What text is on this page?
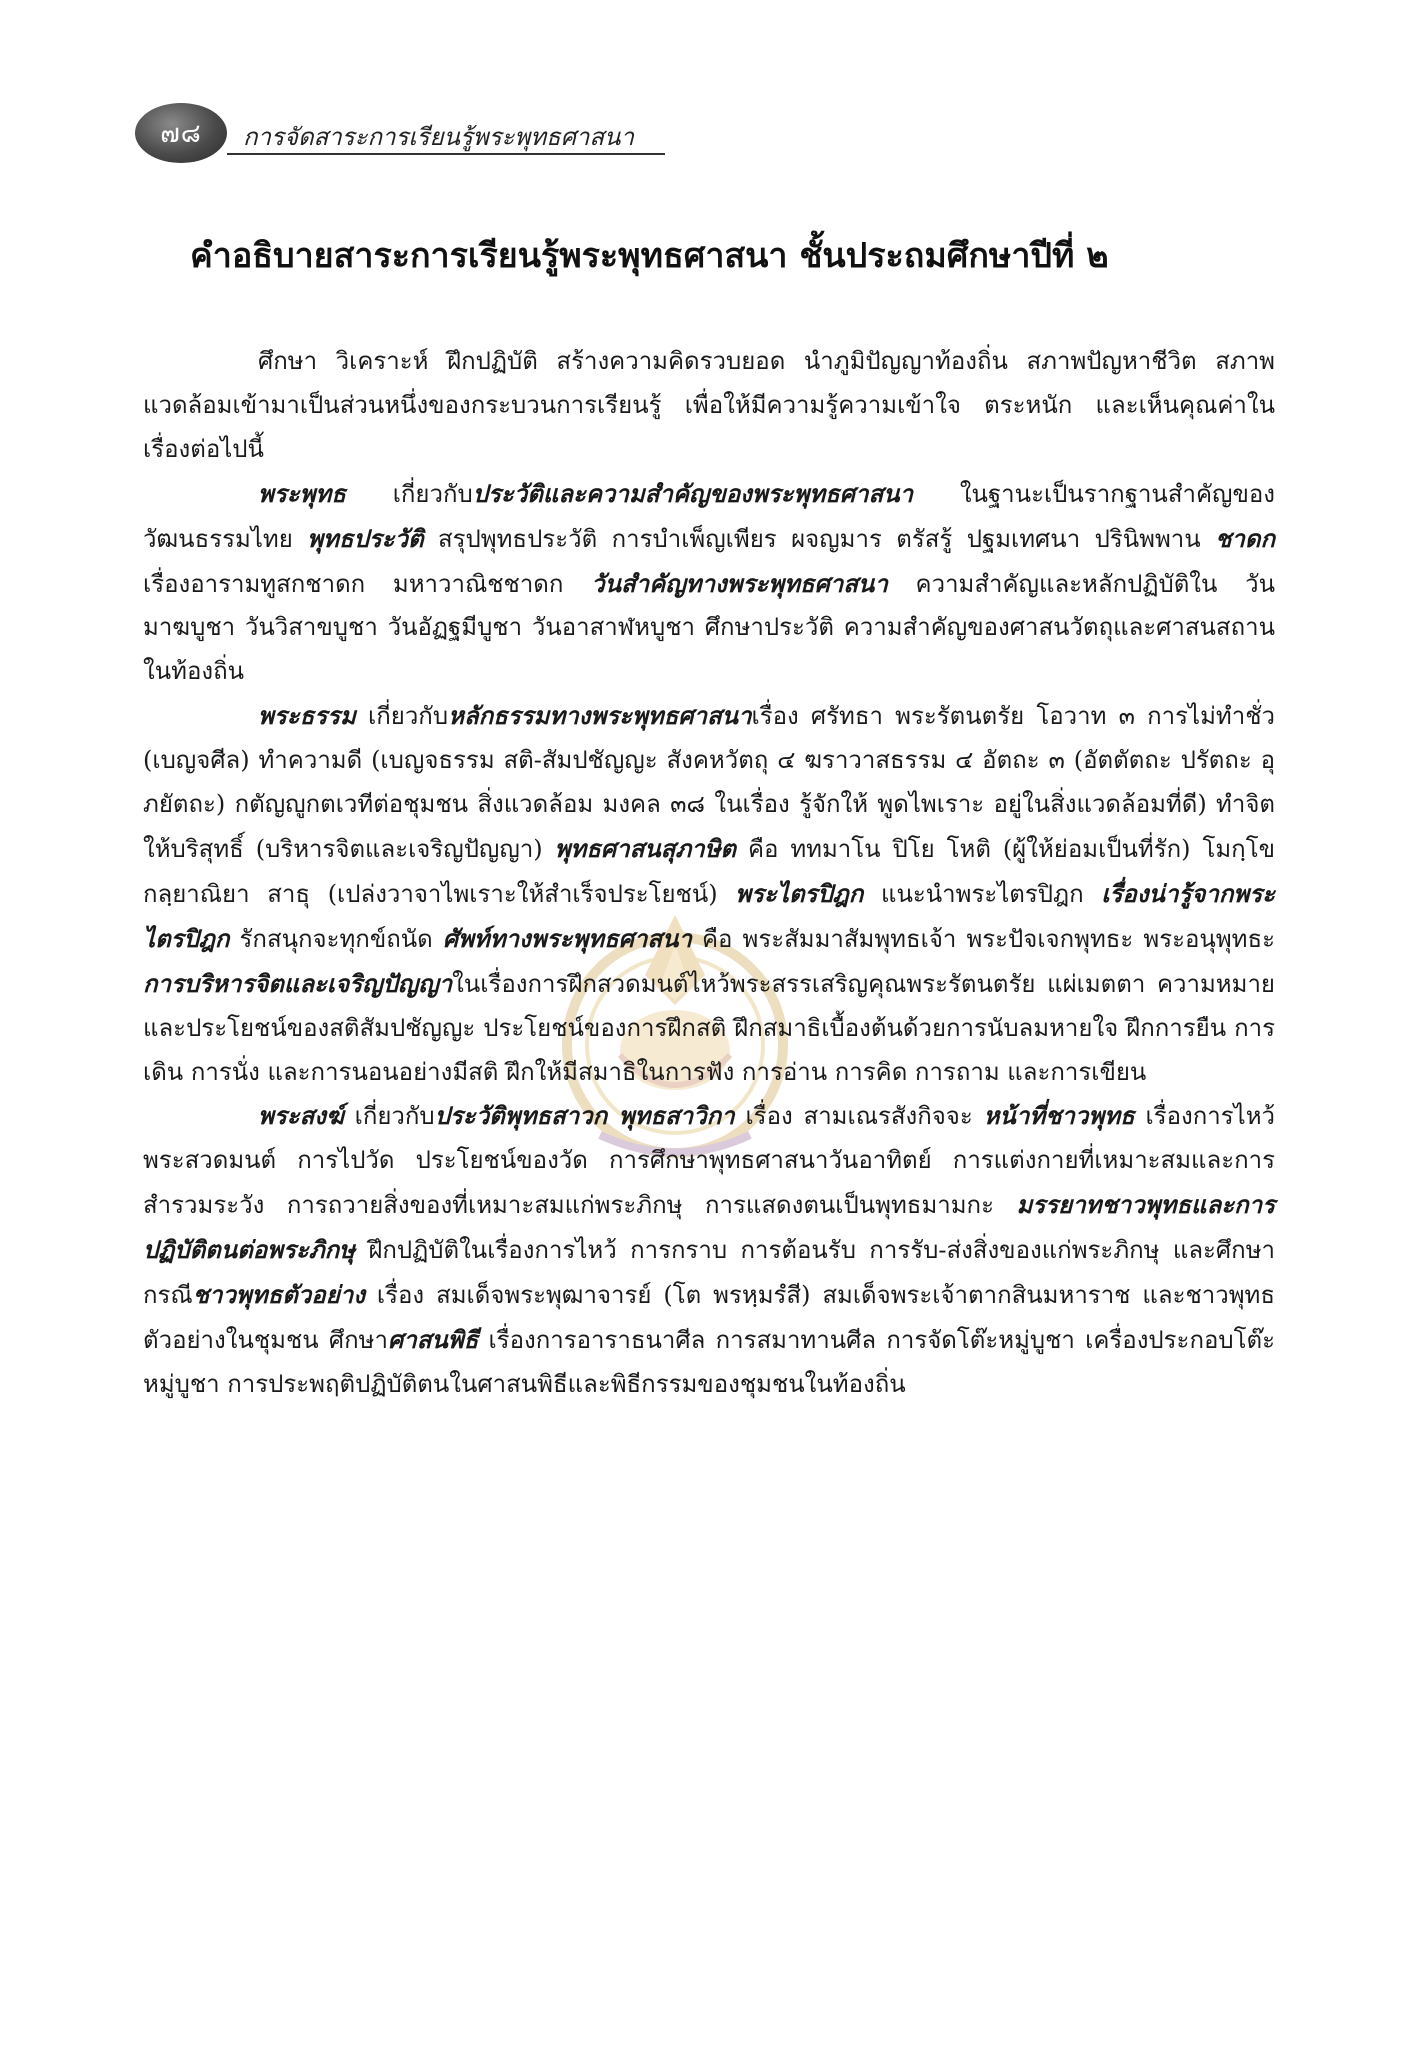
๗๘	การจัดสาระการเรียนรู้พระพุทธศาสนา
คำอธิบายสาระการเรียนรู้พระพุทธศาสนา ชั้นประถมศึกษาปีที่ ๒

ศึกษา วิเคราะห์ ฝึกปฏิบัติ สร้างความคิดรวบยอด นำภูมิปัญญาท้องถิ่น สภาพปัญหาชีวิต สภาพแวดล้อมเข้ามาเป็นส่วนหนึ่งของกระบวนการเรียนรู้ เพื่อให้มีความรู้ความเข้าใจ ตระหนัก และเห็นคุณค่าในเรื่องต่อไปนี้

พระพุทธ เกี่ยวกับประวัติและความสำคัญของพระพุทธศาสนา ในฐานะเป็นรากฐานสำคัญของวัฒนธรรมไทย พุทธประวัติ สรุปพุทธประวัติ การบำเพ็ญเพียร ผจญมาร ตรัสรู้ ปฐมเทศนา ปรินิพพาน ชาดก เรื่องอารามทูสกชาดก มหาวาณิชชาดก วันสำคัญทางพระพุทธศาสนา ความสำคัญและหลักปฏิบัติใน วันมาฆบูชา วันวิสาขบูชา วันอัฏฐมีบูชา วันอาสาฬหบูชา ศึกษาประวัติ ความสำคัญของศาสนวัตถุและศาสนสถานในท้องถิ่น

พระธรรม เกี่ยวกับหลักธรรมทางพระพุทธศาสนาเรื่อง ศรัทธา พระรัตนตรัย โอวาท ๓ การไม่ทำชั่ว (เบญจศีล) ทำความดี (เบญจธรรม สติ-สัมปชัญญะ สังคหวัตถุ ๔ ฆราวาสธรรม ๔ อัตถะ ๓ (อัตตัตถะ ปรัตถะ อุภยัตถะ) กตัญญูกตเวทีต่อชุมชน สิ่งแวดล้อม มงคล ๓๘ ในเรื่อง รู้จักให้ พูดไพเราะ อยู่ในสิ่งแวดล้อมที่ดี) ทำจิตให้บริสุทธิ์ (บริหารจิตและเจริญปัญญา) พุทธศาสนสุภาษิต คือ ททมาโน ปิโย โหติ (ผู้ให้ย่อมเป็นที่รัก) โมกฺโข กลฺยาณิยา สาธุ (เปล่งวาจาไพเราะให้สำเร็จประโยชน์) พระไตรปิฎก แนะนำพระไตรปิฎก เรื่องน่ารู้จากพระไตรปิฎก รักสนุกจะทุกข์ถนัด ศัพท์ทางพระพุทธศาสนา คือ พระสัมมาสัมพุทธเจ้า พระปัจเจกพุทธะ พระอนุพุทธะ การบริหารจิตและเจริญปัญญาในเรื่องการฝึกสวดมนต์ไหว้พระสรรเสริญคุณพระรัตนตรัย แผ่เมตตา ความหมายและประโยชน์ของสติสัมปชัญญะ ประโยชน์ของการฝึกสติ ฝึกสมาธิเบื้องต้นด้วยการนับลมหายใจ ฝึกการยืน การเดิน การนั่ง และการนอนอย่างมีสติ ฝึกให้มีสมาธิในการฟัง การอ่าน การคิด การถาม และการเขียน

พระสงฆ์ เกี่ยวกับประวัติพุทธสาวก พุทธสาวิกา เรื่อง สามเณรสังกิจจะ หน้าที่ชาวพุทธ เรื่องการไหว้พระสวดมนต์ การไปวัด ประโยชน์ของวัด การศึกษาพุทธศาสนาวันอาทิตย์ การแต่งกายที่เหมาะสมและการสำรวมระวัง การถวายสิ่งของที่เหมาะสมแก่พระภิกษุ การแสดงตนเป็นพุทธมามกะ มรรยาทชาวพุทธและการปฏิบัติตนต่อพระภิกษุ ฝึกปฏิบัติในเรื่องการไหว้ การกราบ การต้อนรับ การรับ-ส่งสิ่งของแก่พระภิกษุ และศึกษากรณีชาวพุทธตัวอย่าง เรื่อง สมเด็จพระพุฒาจารย์ (โต พรหฺมรํสี) สมเด็จพระเจ้าตากสินมหาราช และชาวพุทธตัวอย่างในชุมชน ศึกษาศาสนพิธี เรื่องการอาราธนาศีล การสมาทานศีล การจัดโต๊ะหมู่บูชา เครื่องประกอบโต๊ะหมู่บูชา การประพฤติปฏิบัติตนในศาสนพิธีและพิธีกรรมของชุมชนในท้องถิ่น
